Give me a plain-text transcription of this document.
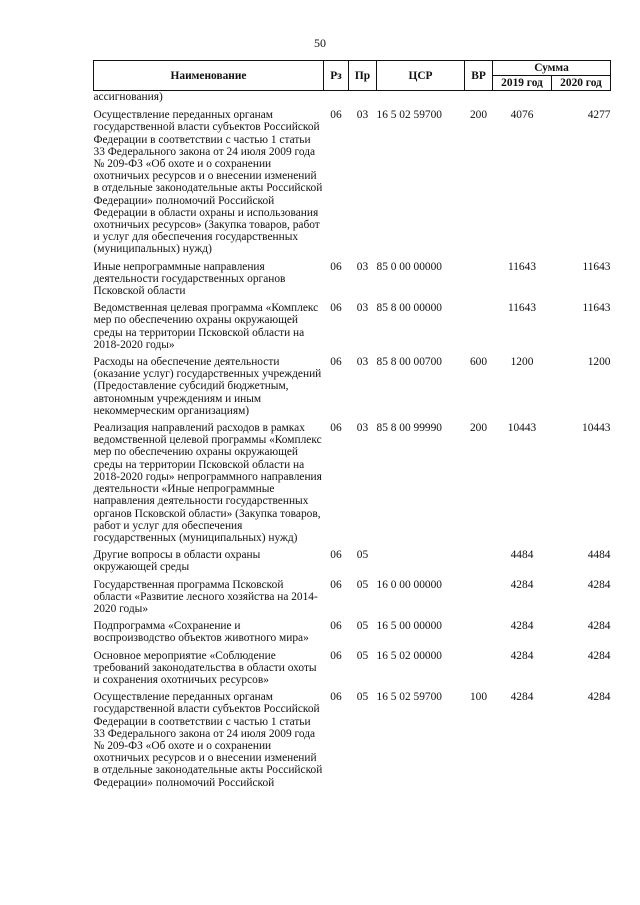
50
Наименование	Рз	Пр	ЦСР	ВР	Сумма	
					2019 год	2020 год
ассигнования)						
Осуществление переданных органам государственной власти субъектов Российской Федерации в соответствии с частью 1 статьи 33 Федерального закона от 24 июля 2009 года № 209-ФЗ «Об охоте и о сохранении охотничьих ресурсов и о внесении изменений в отдельные законодательные акты Российской Федерации» полномочий Российской Федерации в области охраны и использования охотничьих ресурсов» (Закупка товаров, работ и услуг для обеспечения государственных (муниципальных) нужд)	06	03	16 5 02 59700	200	4076	4277
Иные непрограммные направления деятельности государственных органов Псковской области	06	03	85 0 00 00000		11643	11643
Ведомственная целевая программа «Комплекс мер по обеспечению охраны окружающей среды на территории Псковской области на 2018-2020 годы»	06	03	85 8 00 00000		11643	11643
Расходы на обеспечение деятельности (оказание услуг) государственных учреждений (Предоставление субсидий бюджетным, автономным учреждениям и иным некоммерческим организациям)	06	03	85 8 00 00700	600	1200	1200
Реализация направлений расходов в рамках ведомственной целевой программы «Комплекс мер по обеспечению охраны окружающей среды на территории Псковской области на 2018-2020 годы» непрограммного направления деятельности «Иные непрограммные направления деятельности государственных органов Псковской области» (Закупка товаров, работ и услуг для обеспечения государственных (муниципальных) нужд)	06	03	85 8 00 99990	200	10443	10443
Другие вопросы в области охраны окружающей среды	06	05			4484	4484
Государственная программа Псковской области «Развитие лесного хозяйства на 2014-2020 годы»	06	05	16 0 00 00000		4284	4284
Подпрограмма «Сохранение и воспроизводство объектов животного мира»	06	05	16 5 00 00000		4284	4284
Основное мероприятие «Соблюдение требований законодательства в области охоты и сохранения охотничьих ресурсов»	06	05	16 5 02 00000		4284	4284
Осуществление переданных органам государственной власти субъектов Российской Федерации в соответствии с частью 1 статьи 33 Федерального закона от 24 июля 2009 года № 209-ФЗ «Об охоте и о сохранении охотничьих ресурсов и о внесении изменений в отдельные законодательные акты Российской Федерации» полномочий Российской	06	05	16 5 02 59700	100	4284	4284
